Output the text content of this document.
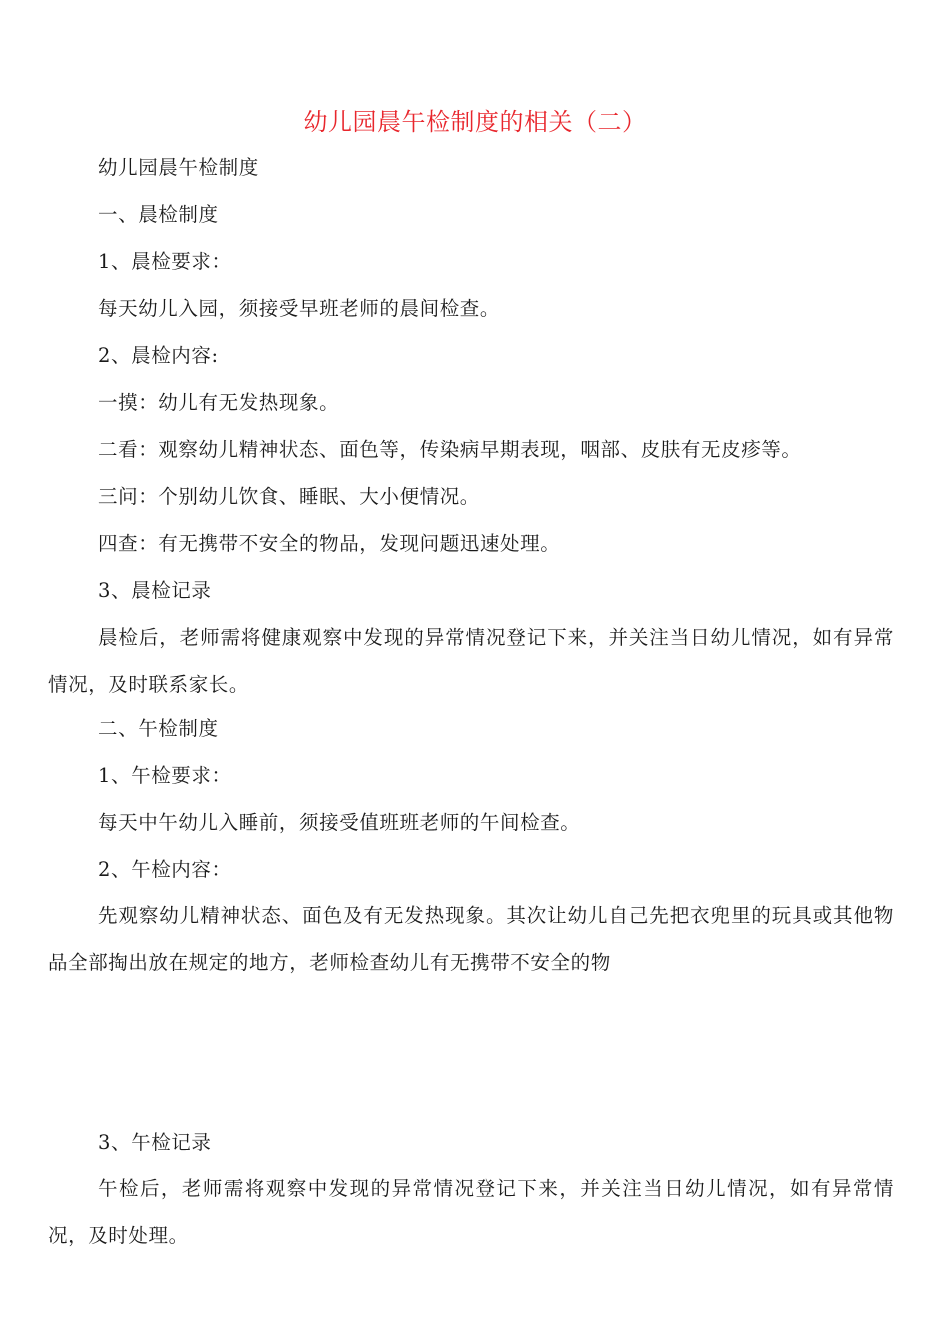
幼儿园晨午检制度的相关（二）
幼儿园晨午检制度
一、晨检制度
1、晨检要求：
每天幼儿入园，须接受早班老师的晨间检查。
2、晨检内容:
一摸：幼儿有无发热现象。
二看：观察幼儿精神状态、面色等，传染病早期表现，咽部、皮肤有无皮疹等。
三问：个别幼儿饮食、睡眠、大小便情况。
四查：有无携带不安全的物品，发现问题迅速处理。
3、晨检记录
晨检后，老师需将健康观察中发现的异常情况登记下来，并关注当日幼儿情况，如有异常情况，及时联系家长。
二、午检制度
1、午检要求：
每天中午幼儿入睡前，须接受值班班老师的午间检查。
2、午检内容：
先观察幼儿精神状态、面色及有无发热现象。其次让幼儿自己先把衣兜里的玩具或其他物品全部掏出放在规定的地方，老师检查幼儿有无携带不安全的物
3、午检记录
午检后，老师需将观察中发现的异常情况登记下来，并关注当日幼儿情况，如有异常情况，及时处理。
